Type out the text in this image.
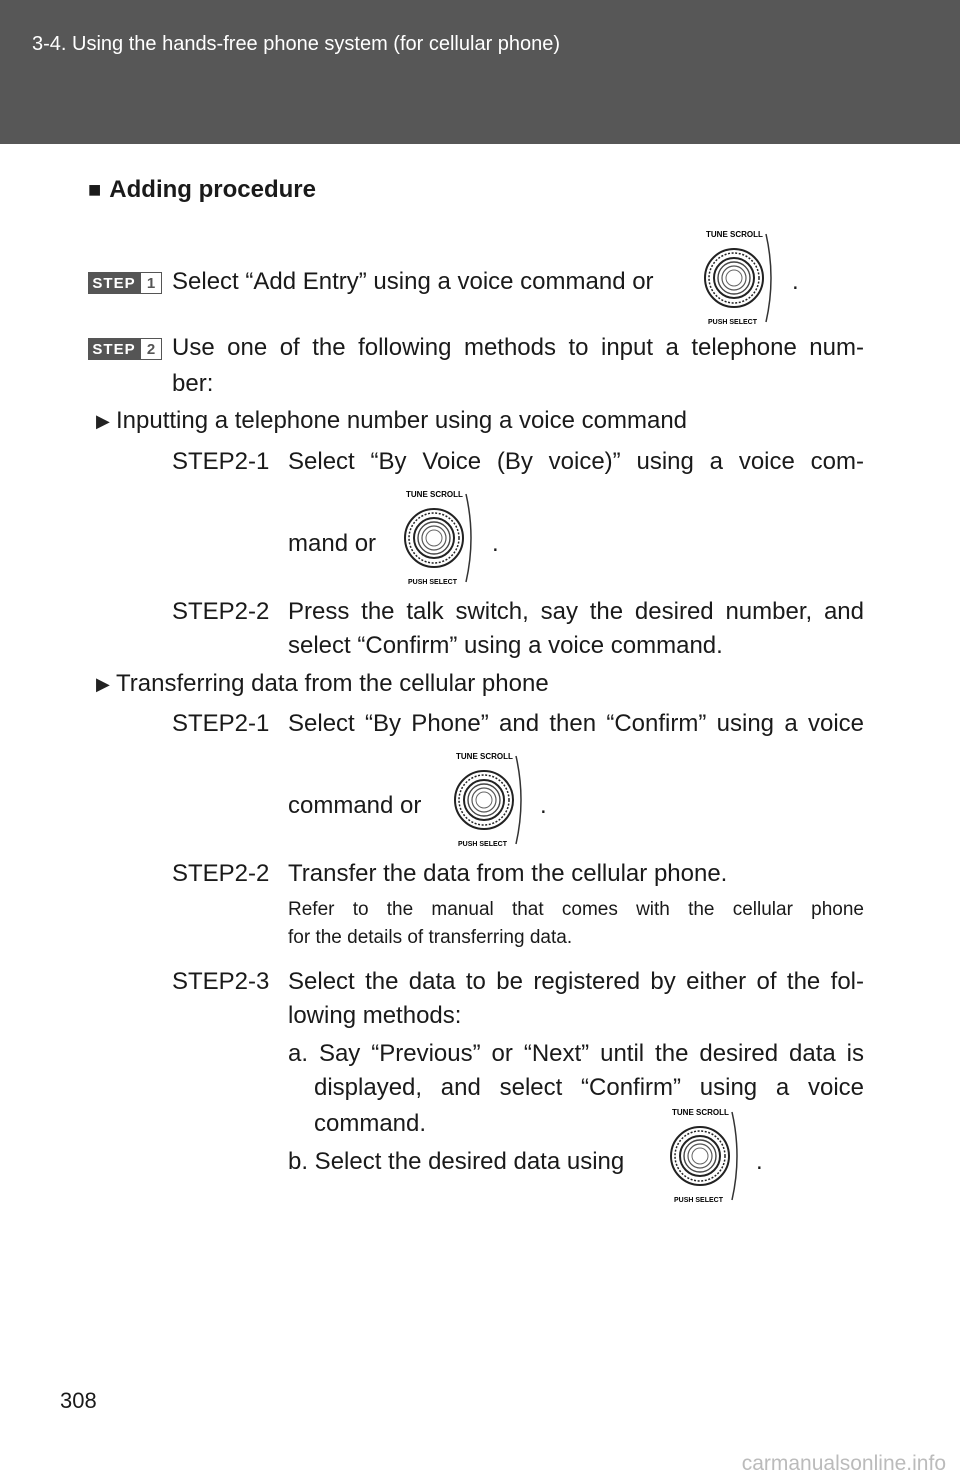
3-4. Using the hands-free phone system (for cellular phone)
■ Adding procedure
STEP 1 Select “Add Entry” using a voice command or
TUNE SCROLL
PUSH SELECT
.
STEP 2 Use one of the following methods to input a telephone num-
ber:
▶ Inputting a telephone number using a voice command
STEP2-1 Select “By Voice (By voice)” using a voice com-
mand or
TUNE SCROLL
PUSH SELECT
.
STEP2-2 Press the talk switch, say the desired number, and
select “Confirm” using a voice command.
▶ Transferring data from the cellular phone
STEP2-1 Select “By Phone” and then “Confirm” using a voice
command or
TUNE SCROLL
PUSH SELECT
.
STEP2-2 Transfer the data from the cellular phone.
Refer to the manual that comes with the cellular phone
for the details of transferring data.
STEP2-3 Select the data to be registered by either of the fol-
lowing methods:
a. Say “Previous” or “Next” until the desired data is
displayed, and select “Confirm” using a voice
command.
b. Select the desired data using
TUNE SCROLL
PUSH SELECT
.
308
carmanualsonline.info
